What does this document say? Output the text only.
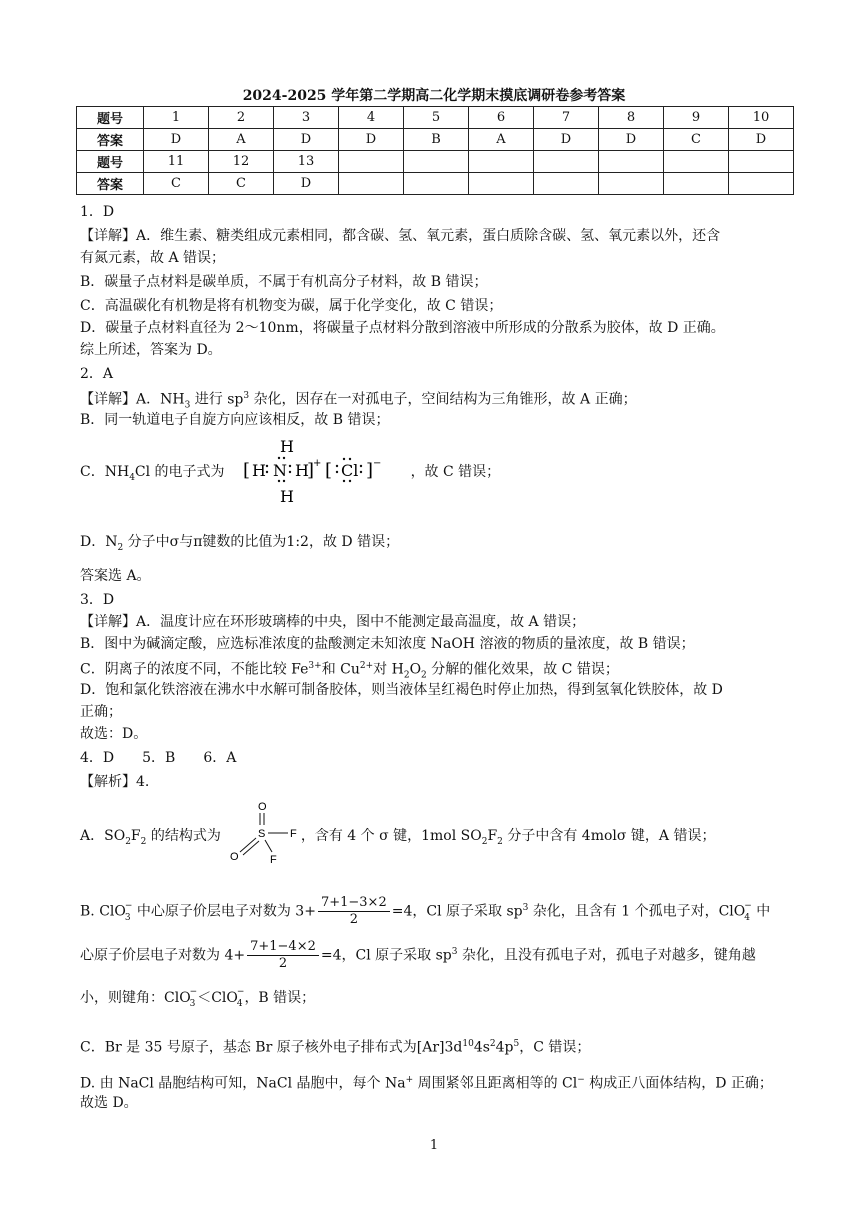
2024-2025 学年第二学期高二化学期末摸底调研卷参考答案
题号	1	2	3	4	5	6	7	8	9	10
答案	D	A	D	D	B	A	D	D	C	D
题号	11	12	13							
答案	C	C	D							
1．D
【详解】A．维生素、糖类组成元素相同，都含碳、氢、氧元素，蛋白质除含碳、氢、氧元素以外，还含
有氮元素，故 A 错误；
B．碳量子点材料是碳单质，不属于有机高分子材料，故 B 错误；
C．高温碳化有机物是将有机物变为碳，属于化学变化，故 C 错误；
D．碳量子点材料直径为 2～10nm，将碳量子点材料分散到溶液中所形成的分散系为胶体，故 D 正确。
综上所述，答案为 D。
2．A
【详解】A．$NH_3$ 进行 $sp^3$ 杂化，因存在一对孤电子，空间结构为三角锥形，故 A 正确；
B．同一轨道电子自旋方向应该相反，故 B 错误；
C．$NH_4Cl$ 的电子式为	，故 C 错误；
H
[ H N H
]
+ [ Cl ] −
H
D．$N_2$ 分子中σ与π键数的比值为1:2，故 D 错误；
答案选 A。
3．D
【详解】A．温度计应在环形玻璃棒的中央，图中不能测定最高温度，故 A 错误；
B．图中为碱滴定酸，应选标准浓度的盐酸测定未知浓度 NaOH 溶液的物质的量浓度，故 B 错误；
C．阴离子的浓度不同，不能比较 $Fe^{3+}$和 $Cu^{2+}$对 $H_2O_2$ 分解的催化效果，故 C 错误；
D．饱和氯化铁溶液在沸水中水解可制备胶体，则当液体呈红褐色时停止加热，得到氢氧化铁胶体，故 D
正确；
故选：D。
4．D　　5．B　　6．A
【解析】4.
A．$SO_2F_2$ 的结构式为	，含有 4 个 σ 键，1mol $SO_2F_2$ 分子中含有 4molσ 键，A 错误；
O
S F
O	F
B. ClO −
3 中心原子价层电子对数为 $3+ \frac{7+1-3\times 2}{2} =4$，Cl 原子采取 $sp^3$ 杂化，且含有 1 个孤电子对，ClO −
4 中
心原子价层电子对数为 $4+ \frac{7+1-4\times 2}{2} =4$，Cl 原子采取 $sp^3$ 杂化，且没有孤电子对，孤电子对越多，键角越
小，则键角：ClO −
3 ＜ClO −
4 ，B 错误；
C．Br 是 35 号原子，基态 Br 原子核外电子排布式为$[Ar]3d^{10}4s^24p^5$，C 错误；
D. 由 NaCl 晶胞结构可知，NaCl 晶胞中，每个 Na+ 周围紧邻且距离相等的 Cl− 构成正八面体结构，D 正确；
故选 D。
1
